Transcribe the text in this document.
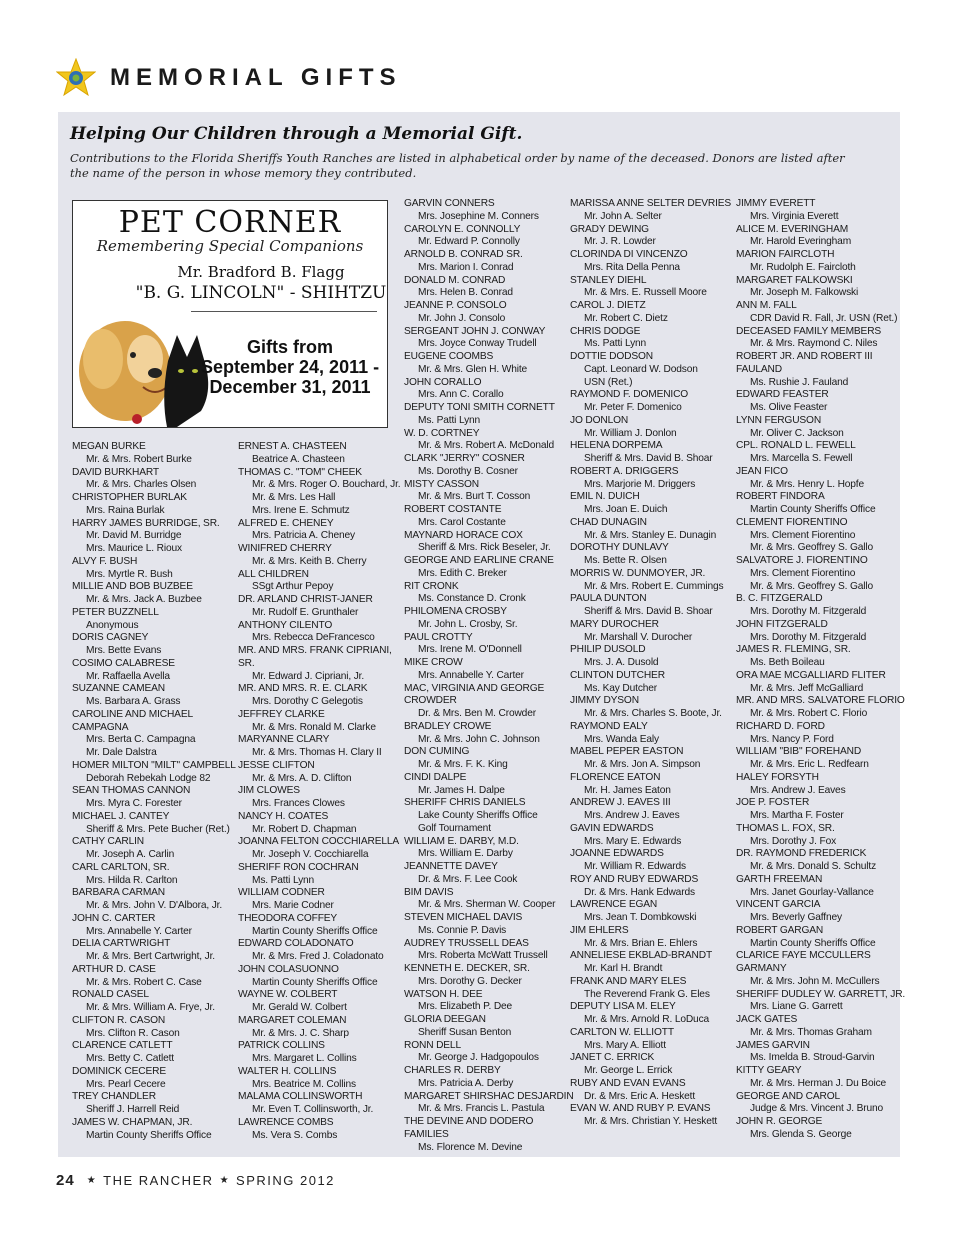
MEMORIAL GIFTS
Helping Our Children through a Memorial Gift.
Contributions to the Florida Sheriffs Youth Ranches are listed in alphabetical order by name of the deceased. Donors are listed after the name of the person in whose memory they contributed.
PET CORNER
Remembering Special Companions
Mr. Bradford B. Flagg
"B. G. LINCOLN" - SHIHTZU
Gifts from
September 24, 2011 -
December 31, 2011
MEGAN BURKE
Mr. & Mrs. Robert Burke
DAVID BURKHART
Mr. & Mrs. Charles Olsen
CHRISTOPHER BURLAK
Mrs. Raina Burlak
HARRY JAMES BURRIDGE, SR.
Mr. David M. Burridge
Mrs. Maurice L. Rioux
ALVY F. BUSH
Mrs. Myrtle R. Bush
MILLIE AND BOB BUZBEE
Mr. & Mrs. Jack A. Buzbee
PETER BUZZNELL
Anonymous
DORIS CAGNEY
Mrs. Bette Evans
COSIMO CALABRESE
Mr. Raffaella Avella
SUZANNE CAMEAN
Ms. Barbara A. Grass
CAROLINE AND MICHAEL
CAMPAGNA
Mrs. Berta C. Campagna
Mr. Dale Dalstra
HOMER MILTON "MILT" CAMPBELL
Deborah Rebekah Lodge 82
SEAN THOMAS CANNON
Mrs. Myra C. Forester
MICHAEL J. CANTEY
Sheriff & Mrs. Pete Bucher (Ret.)
CATHY CARLIN
Mr. Joseph A. Carlin
CARL CARLTON, SR.
Mrs. Hilda R. Carlton
BARBARA CARMAN
Mr. & Mrs. John V. D'Albora, Jr.
JOHN C. CARTER
Mrs. Annabelle Y. Carter
DELIA CARTWRIGHT
Mr. & Mrs. Bert Cartwright, Jr.
ARTHUR D. CASE
Mr. & Mrs. Robert C. Case
RONALD CASEL
Mr. & Mrs. William A. Frye, Jr.
CLIFTON R. CASON
Mrs. Clifton R. Cason
CLARENCE CATLETT
Mrs. Betty C. Catlett
DOMINICK CECERE
Mrs. Pearl Cecere
TREY CHANDLER
Sheriff J. Harrell Reid
JAMES W. CHAPMAN, JR.
Martin County Sheriffs Office
ERNEST A. CHASTEEN
Beatrice A. Chasteen
THOMAS C. "TOM" CHEEK
Mr. & Mrs. Roger O. Bouchard, Jr.
Mr. & Mrs. Les Hall
Mrs. Irene E. Schmutz
ALFRED E. CHENEY
Mrs. Patricia A. Cheney
WINIFRED CHERRY
Mr. & Mrs. Keith B. Cherry
ALL CHILDREN
SSgt Arthur Pepoy
DR. ARLAND CHRIST-JANER
Mr. Rudolf E. Grunthaler
ANTHONY CILENTO
Mrs. Rebecca DeFrancesco
MR. AND MRS. FRANK CIPRIANI,
SR.
Mr. Edward J. Cipriani, Jr.
MR. AND MRS. R. E. CLARK
Mrs. Dorothy C Gelegotis
JEFFREY CLARKE
Mr. & Mrs. Ronald M. Clarke
MARYANNE CLARY
Mr. & Mrs. Thomas H. Clary II
JESSE CLIFTON
Mr. & Mrs. A. D. Clifton
JIM CLOWES
Mrs. Frances Clowes
NANCY H. COATES
Mr. Robert D. Chapman
JOANNA FELTON COCCHIARELLA
Mr. Joseph V. Cocchiarella
SHERIFF RON COCHRAN
Ms. Patti Lynn
WILLIAM CODNER
Mrs. Marie Codner
THEODORA COFFEY
Martin County Sheriffs Office
EDWARD COLADONATO
Mr. & Mrs. Fred J. Coladonato
JOHN COLASUONNO
Martin County Sheriffs Office
WAYNE W. COLBERT
Mr. Gerald W. Colbert
MARGARET COLEMAN
Mr. & Mrs. J. C. Sharp
PATRICK COLLINS
Mrs. Margaret L. Collins
WALTER H. COLLINS
Mrs. Beatrice M. Collins
MALAMA COLLINSWORTH
Mr. Even T. Collinsworth, Jr.
LAWRENCE COMBS
Ms. Vera S. Combs
GARVIN CONNERS
Mrs. Josephine M. Conners
CAROLYN E. CONNOLLY
Mr. Edward P. Connolly
ARNOLD B. CONRAD SR.
Mrs. Marion I. Conrad
DONALD M. CONRAD
Mrs. Helen B. Conrad
JEANNE P. CONSOLO
Mr. John J. Consolo
SERGEANT JOHN J. CONWAY
Mrs. Joyce Conway Trudell
EUGENE COOMBS
Mr. & Mrs. Glen H. White
JOHN CORALLO
Mrs. Ann C. Corallo
DEPUTY TONI SMITH CORNETT
Ms. Patti Lynn
W. D. CORTNEY
Mr. & Mrs. Robert A. McDonald
CLARK "JERRY" COSNER
Ms. Dorothy B. Cosner
MISTY CASSON
Mr. & Mrs. Burt T. Cosson
ROBERT COSTANTE
Mrs. Carol Costante
MAYNARD HORACE COX
Sheriff & Mrs. Rick Beseler, Jr.
GEORGE AND EARLINE CRANE
Mrs. Edith C. Breker
RIT CRONK
Ms. Constance D. Cronk
PHILOMENA CROSBY
Mr. John L. Crosby, Sr.
PAUL CROTTY
Mrs. Irene M. O'Donnell
MIKE CROW
Mrs. Annabelle Y. Carter
MAC, VIRGINIA AND GEORGE
CROWDER
Dr. & Mrs. Ben M. Crowder
BRADLEY CROWE
Mr. & Mrs. John C. Johnson
DON CUMING
Mr. & Mrs. F. K. King
CINDI DALPE
Mr. James H. Dalpe
SHERIFF CHRIS DANIELS
Lake County Sheriffs Office
Golf Tournament
WILLIAM E. DARBY, M.D.
Mrs. William E. Darby
JEANNETTE DAVEY
Dr. & Mrs. F. Lee Cook
BIM DAVIS
Mr. & Mrs. Sherman W. Cooper
STEVEN MICHAEL DAVIS
Ms. Connie P. Davis
AUDREY TRUSSELL DEAS
Mrs. Roberta McWatt Trussell
KENNETH E. DECKER, SR.
Mrs. Dorothy G. Decker
WATSON H. DEE
Mrs. Elizabeth P. Dee
GLORIA DEEGAN
Sheriff Susan Benton
RONN DELL
Mr. George J. Hadgopoulos
CHARLES R. DERBY
Mrs. Patricia A. Derby
MARGARET SHIRSHAC DESJARDIN
Mr. & Mrs. Francis L. Pastula
THE DEVINE AND DODERO
FAMILIES
Ms. Florence M. Devine
MARISSA ANNE SELTER DEVRIES
Mr. John A. Selter
GRADY DEWING
Mr. J. R. Lowder
CLORINDA DI VINCENZO
Mrs. Rita Della Penna
STANLEY DIEHL
Mr. & Mrs. E. Russell Moore
CAROL J. DIETZ
Mr. Robert C. Dietz
CHRIS DODGE
Ms. Patti Lynn
DOTTIE DODSON
Capt. Leonard W. Dodson
USN (Ret.)
RAYMOND F. DOMENICO
Mr. Peter F. Domenico
JO DONLON
Mr. William J. Donlon
HELENA DORPEMA
Sheriff & Mrs. David B. Shoar
ROBERT A. DRIGGERS
Mrs. Marjorie M. Driggers
EMIL N. DUICH
Mrs. Joan E. Duich
CHAD DUNAGIN
Mr. & Mrs. Stanley E. Dunagin
DOROTHY DUNLAVY
Ms. Bette R. Olsen
MORRIS W. DUNMOYER, JR.
Mr. & Mrs. Robert E. Cummings
PAULA DUNTON
Sheriff & Mrs. David B. Shoar
MARY DUROCHER
Mr. Marshall V. Durocher
PHILIP DUSOLD
Mrs. J. A. Dusold
CLINTON DUTCHER
Ms. Kay Dutcher
JIMMY DYSON
Mr. & Mrs. Charles S. Boote, Jr.
RAYMOND EALY
Mrs. Wanda Ealy
MABEL PEPER EASTON
Mr. & Mrs. Jon A. Simpson
FLORENCE EATON
Mr. H. James Eaton
ANDREW J. EAVES III
Mrs. Andrew J. Eaves
GAVIN EDWARDS
Mrs. Mary E. Edwards
JOANNE EDWARDS
Mr. William R. Edwards
ROY AND RUBY EDWARDS
Dr. & Mrs. Hank Edwards
LAWRENCE EGAN
Mrs. Jean T. Dombkowski
JIM EHLERS
Mr. & Mrs. Brian E. Ehlers
ANNELIESE EKBLAD-BRANDT
Mr. Karl H. Brandt
FRANK AND MARY ELES
The Reverend Frank G. Eles
DEPUTY LISA M. ELEY
Mr. & Mrs. Arnold R. LoDuca
CARLTON W. ELLIOTT
Mrs. Mary A. Elliott
JANET C. ERRICK
Mr. George L. Errick
RUBY AND EVAN EVANS
Dr. & Mrs. Eric A. Heskett
EVAN W. AND RUBY P. EVANS
Mr. & Mrs. Christian Y. Heskett
JIMMY EVERETT
Mrs. Virginia Everett
ALICE M. EVERINGHAM
Mr. Harold Everingham
MARION FAIRCLOTH
Mr. Rudolph E. Faircloth
MARGARET FALKOWSKI
Mr. Joseph M. Falkowski
ANN M. FALL
CDR David R. Fall, Jr. USN (Ret.)
DECEASED FAMILY MEMBERS
Mr. & Mrs. Raymond C. Niles
ROBERT JR. AND ROBERT III
FAULAND
Ms. Rushie J. Fauland
EDWARD FEASTER
Ms. Olive Feaster
LYNN FERGUSON
Mr. Oliver C. Jackson
CPL. RONALD L. FEWELL
Mrs. Marcella S. Fewell
JEAN FICO
Mr. & Mrs. Henry L. Hopfe
ROBERT FINDORA
Martin County Sheriffs Office
CLEMENT FIORENTINO
Mrs. Clement Fiorentino
Mr. & Mrs. Geoffrey S. Gallo
SALVATORE J. FIORENTINO
Mrs. Clement Fiorentino
Mr. & Mrs. Geoffrey S. Gallo
B. C. FITZGERALD
Mrs. Dorothy M. Fitzgerald
JOHN FITZGERALD
Mrs. Dorothy M. Fitzgerald
JAMES R. FLEMING, SR.
Ms. Beth Boileau
ORA MAE MCGALLIARD FLITER
Mr. & Mrs. Jeff McGalliard
MR. AND MRS. SALVATORE FLORIO
Mr. & Mrs. Robert C. Florio
RICHARD D. FORD
Mrs. Nancy P. Ford
WILLIAM "BIB" FOREHAND
Mr. & Mrs. Eric L. Redfearn
HALEY FORSYTH
Mrs. Andrew J. Eaves
JOE P. FOSTER
Mrs. Martha F. Foster
THOMAS L. FOX, SR.
Mrs. Dorothy J. Fox
DR. RAYMOND FREDERICK
Mr. & Mrs. Donald S. Schultz
GARTH FREEMAN
Mrs. Janet Gourlay-Vallance
VINCENT GARCIA
Mrs. Beverly Gaffney
ROBERT GARGAN
Martin County Sheriffs Office
CLARICE FAYE MCCULLERS
GARMANY
Mr. & Mrs. John M. McCullers
SHERIFF DUDLEY W. GARRETT, JR.
Mrs. Liane G. Garrett
JACK GATES
Mr. & Mrs. Thomas Graham
JAMES GARVIN
Ms. Imelda B. Stroud-Garvin
KITTY GEARY
Mr. & Mrs. Herman J. Du Boice
GEORGE AND CAROL
Judge & Mrs. Vincent J. Bruno
JOHN R. GEORGE
Mrs. Glenda S. George
24 ★ THE RANCHER ★ SPRING 2012
